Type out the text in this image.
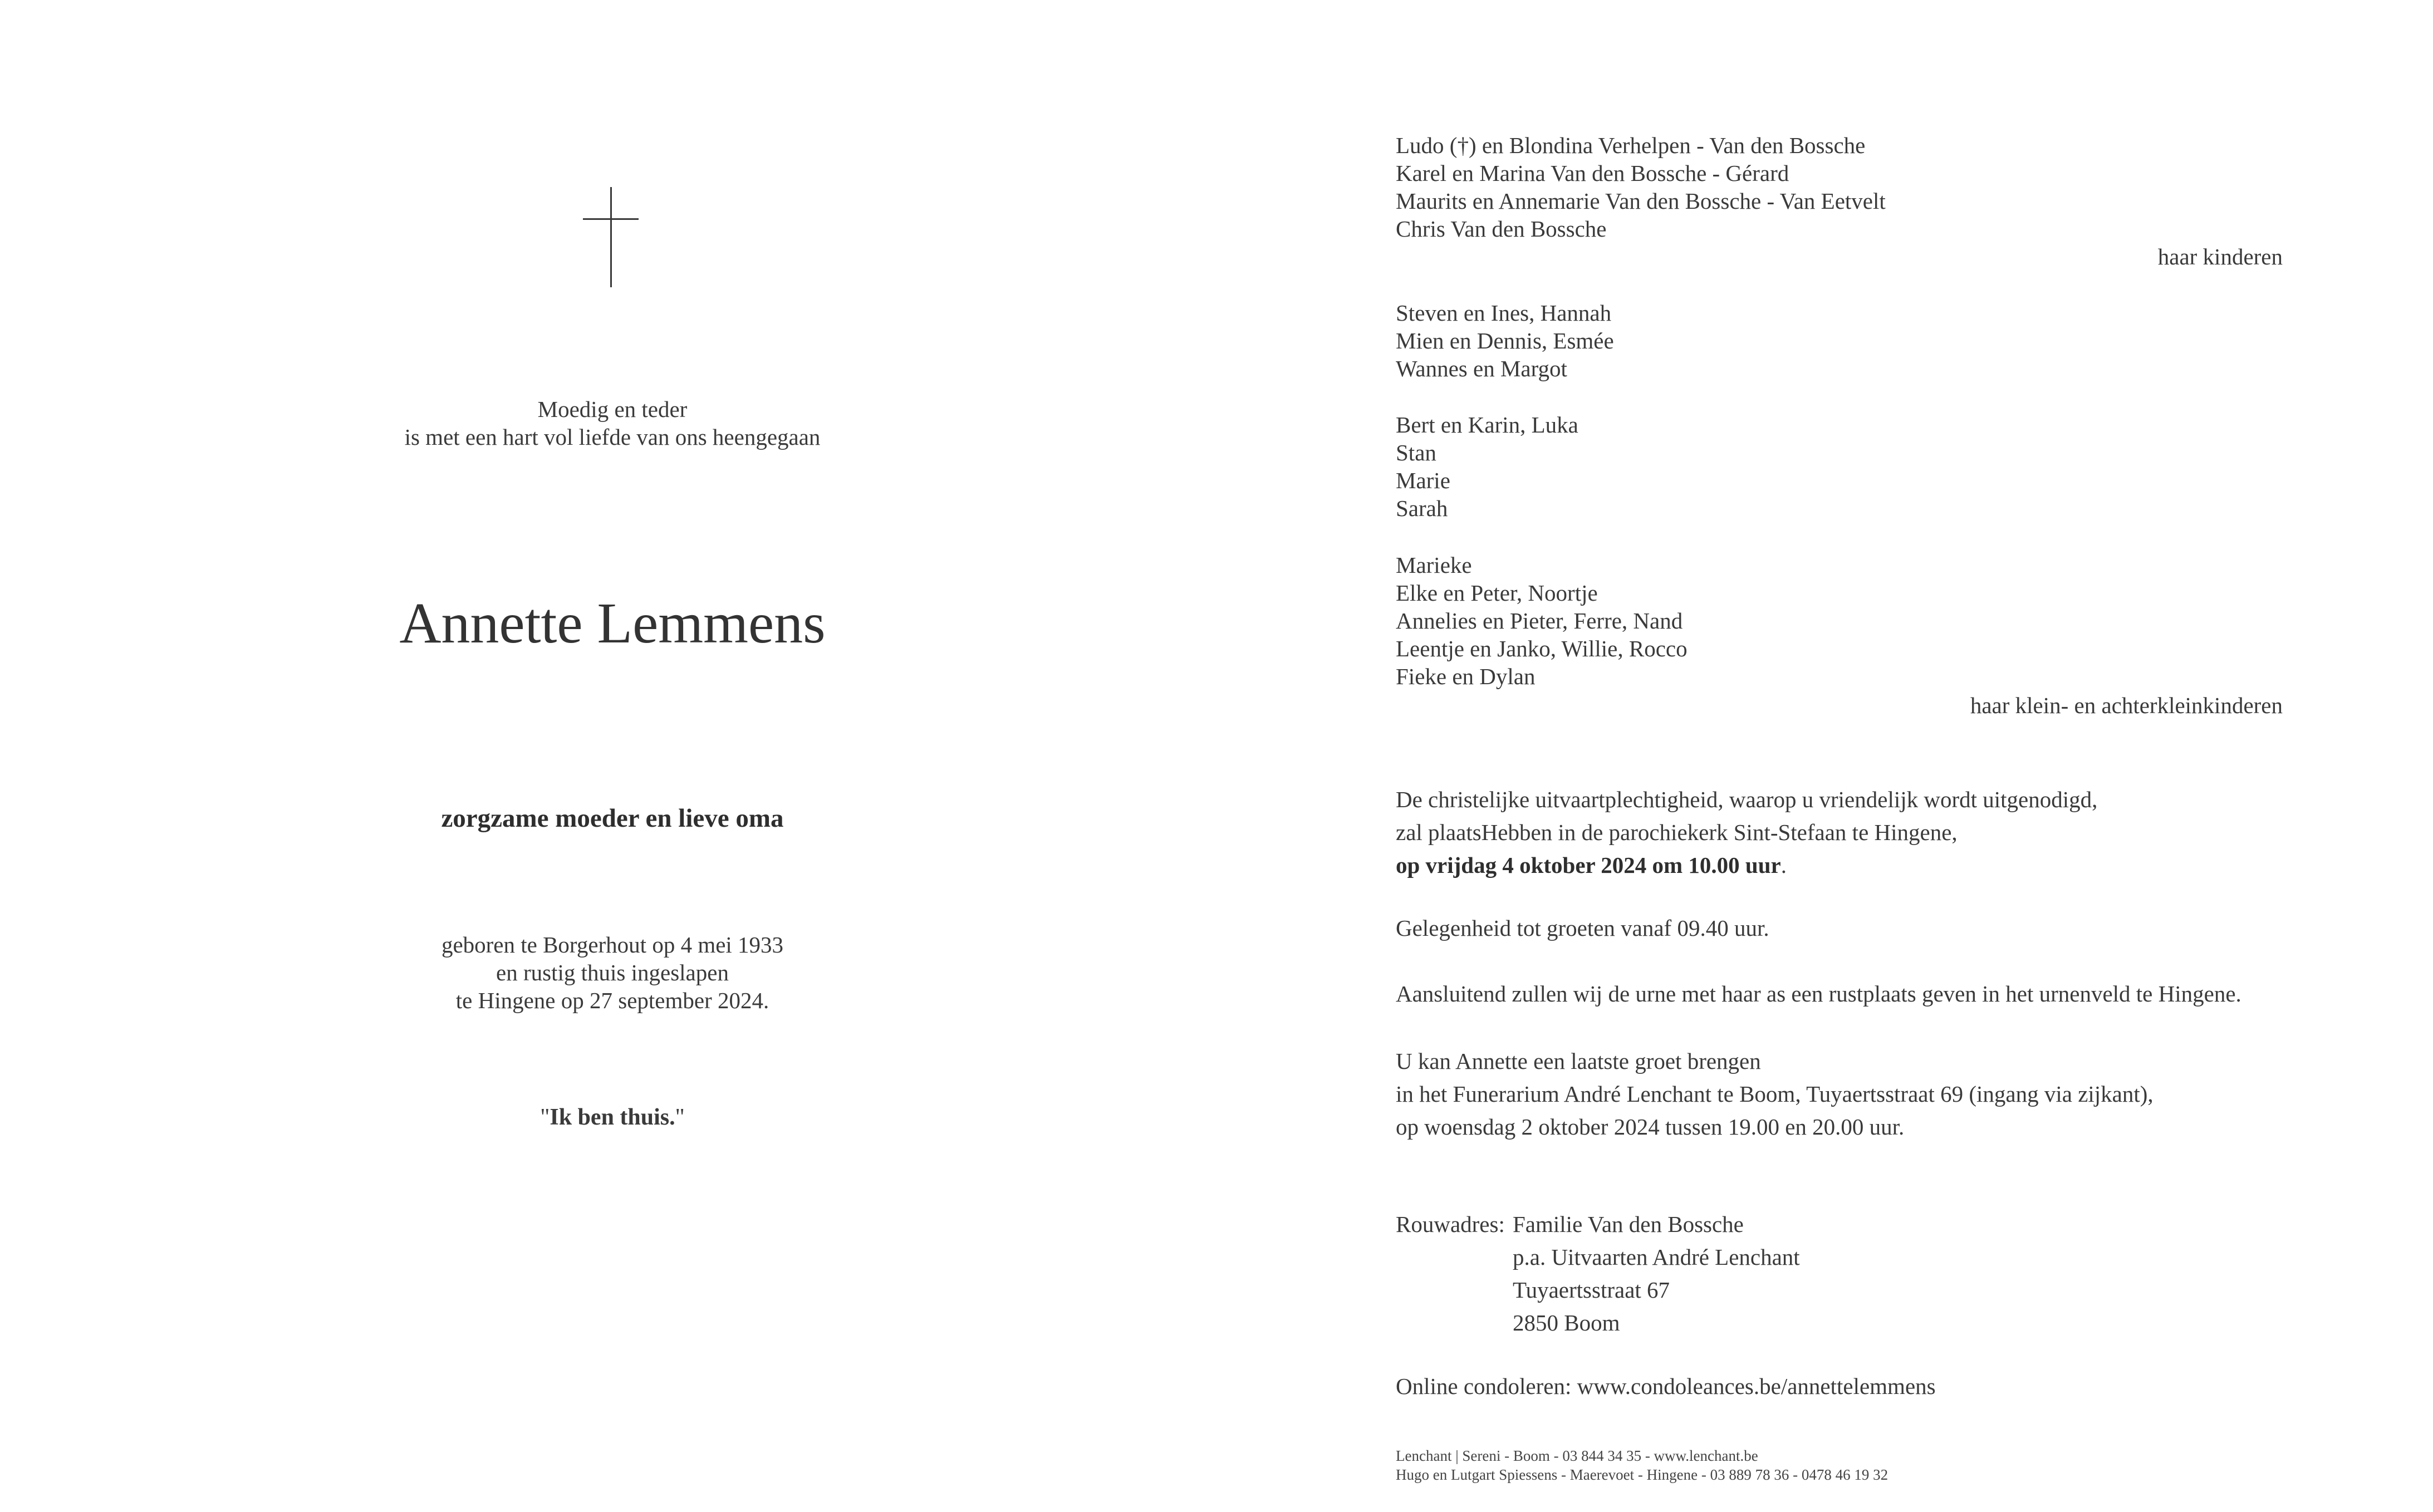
Moedig en teder
is met een hart vol liefde van ons heengegaan
Annette Lemmens
zorgzame moeder en lieve oma
geboren te Borgerhout op 4 mei 1933
en rustig thuis ingeslapen
te Hingene op 27 september 2024.
"Ik ben thuis."
Ludo (†) en Blondina Verhelpen - Van den Bossche
Karel en Marina Van den Bossche - Gérard
Maurits en Annemarie Van den Bossche - Van Eetvelt
Chris Van den Bossche
haar kinderen
Steven en Ines, Hannah
Mien en Dennis, Esmée
Wannes en Margot
Bert en Karin, Luka
Stan
Marie
Sarah
Marieke
Elke en Peter, Noortje
Annelies en Pieter, Ferre, Nand
Leentje en Janko, Willie, Rocco
Fieke en Dylan
haar klein- en achterkleinkinderen
De christelijke uitvaartplechtigheid, waarop u vriendelijk wordt uitgenodigd,
zal plaatsHebben in de parochiekerk Sint-Stefaan te Hingene,
op vrijdag 4 oktober 2024 om 10.00 uur.
Gelegenheid tot groeten vanaf 09.40 uur.
Aansluitend zullen wij de urne met haar as een rustplaats geven in het urnenveld te Hingene.
U kan Annette een laatste groet brengen
in het Funerarium André Lenchant te Boom, Tuyaertsstraat 69 (ingang via zijkant),
op woensdag 2 oktober 2024 tussen 19.00 en 20.00 uur.
Rouwadres: Familie Van den Bossche
p.a. Uitvaarten André Lenchant
Tuyaertsstraat 67
2850 Boom
Online condoleren: www.condoleances.be/annettelemmens
Lenchant | Sereni - Boom - 03 844 34 35 - www.lenchant.be
Hugo en Lutgart Spiessens - Maerevoet - Hingene - 03 889 78 36 - 0478 46 19 32
